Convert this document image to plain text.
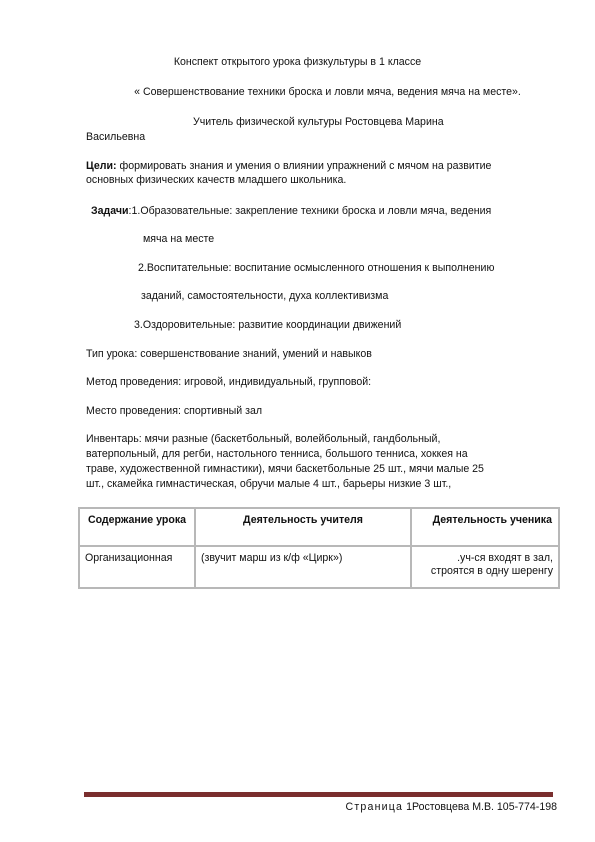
Конспект открытого урока физкультуры в 1 классе
« Совершенствование техники броска и ловли мяча, ведения мяча на месте».
Учитель физической культуры Ростовцева Марина
Васильевна
Цели: формировать знания и умения о влиянии упражнений с мячом на развитие
основных физических качеств младшего школьника.
Задачи:1.Образовательные: закрепление техники броска и ловли мяча, ведения
мяча на месте
2.Воспитательные: воспитание осмысленного отношения к выполнению
заданий, самостоятельности, духа коллективизма
3.Оздоровительные: развитие координации движений
Тип урока: совершенствование знаний, умений и навыков
Метод проведения: игровой, индивидуальный, групповой:
Место проведения: спортивный зал
Инвентарь: мячи разные (баскетбольный, волейбольный, гандбольный,
ватерпольный, для регби, настольного тенниса, большого тенниса, хоккея на
траве, художественной гимнастики), мячи баскетбольные 25 шт., мячи малые 25
шт., скамейка гимнастическая, обручи малые 4 шт., барьеры низкие 3 шт.,
Содержание урока	Деятельность учителя	Деятельность ученика
Организационная	(звучит марш из к/ф «Цирк»)	.уч-ся входят в зал, строятся в одну шеренгу
Страница 1Ростовцева М.В. 105-774-198
